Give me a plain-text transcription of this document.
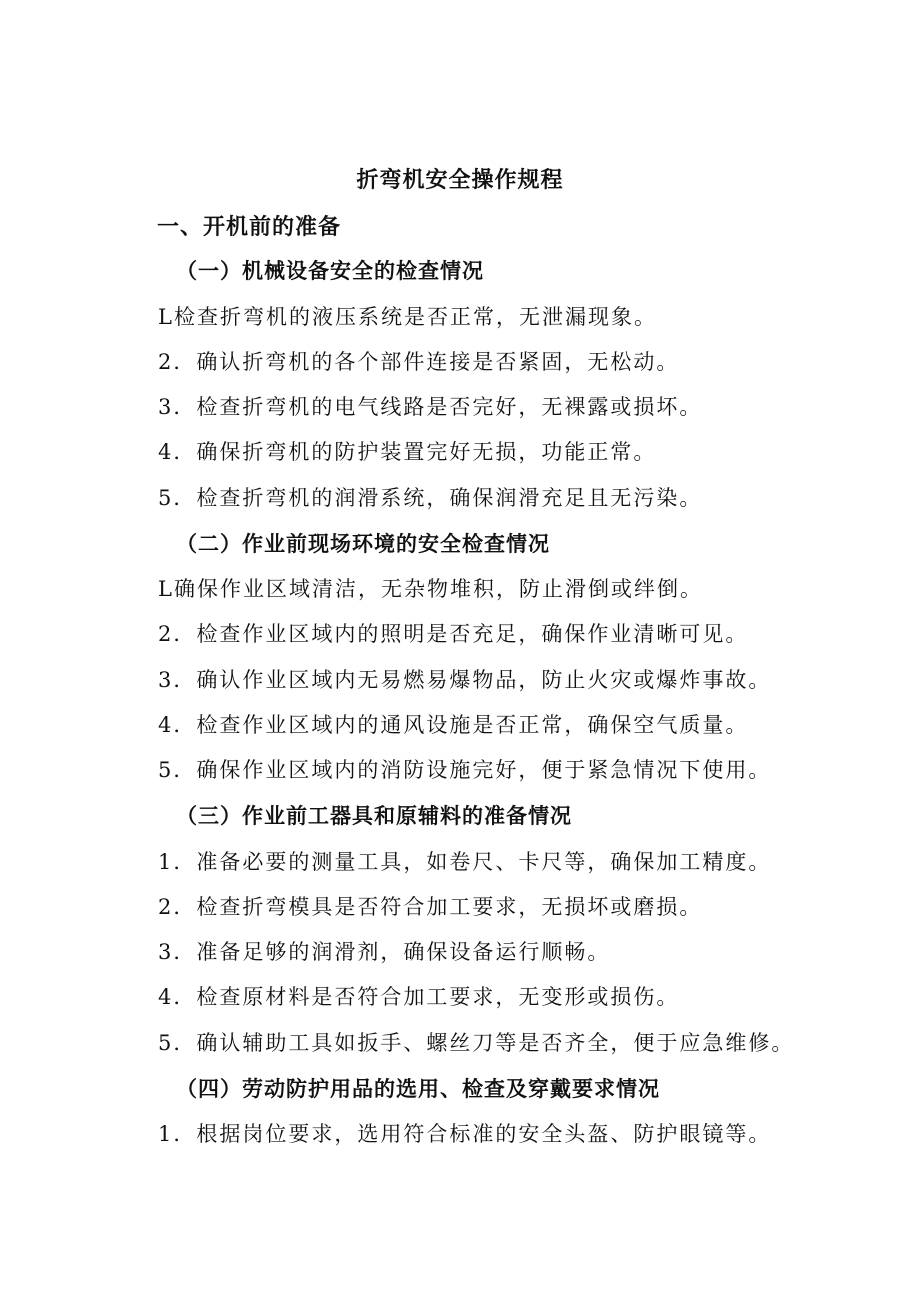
折弯机安全操作规程
一、开机前的准备
（一）机械设备安全的检查情况
L检查折弯机的液压系统是否正常，无泄漏现象。
2．确认折弯机的各个部件连接是否紧固，无松动。
3．检查折弯机的电气线路是否完好，无裸露或损坏。
4．确保折弯机的防护装置完好无损，功能正常。
5．检查折弯机的润滑系统，确保润滑充足且无污染。
（二）作业前现场环境的安全检查情况
L确保作业区域清洁，无杂物堆积，防止滑倒或绊倒。
2．检查作业区域内的照明是否充足，确保作业清晰可见。
3．确认作业区域内无易燃易爆物品，防止火灾或爆炸事故。
4．检查作业区域内的通风设施是否正常，确保空气质量。
5．确保作业区域内的消防设施完好，便于紧急情况下使用。
（三）作业前工器具和原辅料的准备情况
1．准备必要的测量工具，如卷尺、卡尺等，确保加工精度。
2．检查折弯模具是否符合加工要求，无损坏或磨损。
3．准备足够的润滑剂，确保设备运行顺畅。
4．检查原材料是否符合加工要求，无变形或损伤。
5．确认辅助工具如扳手、螺丝刀等是否齐全，便于应急维修。
（四）劳动防护用品的选用、检查及穿戴要求情况
1．根据岗位要求，选用符合标准的安全头盔、防护眼镜等。
